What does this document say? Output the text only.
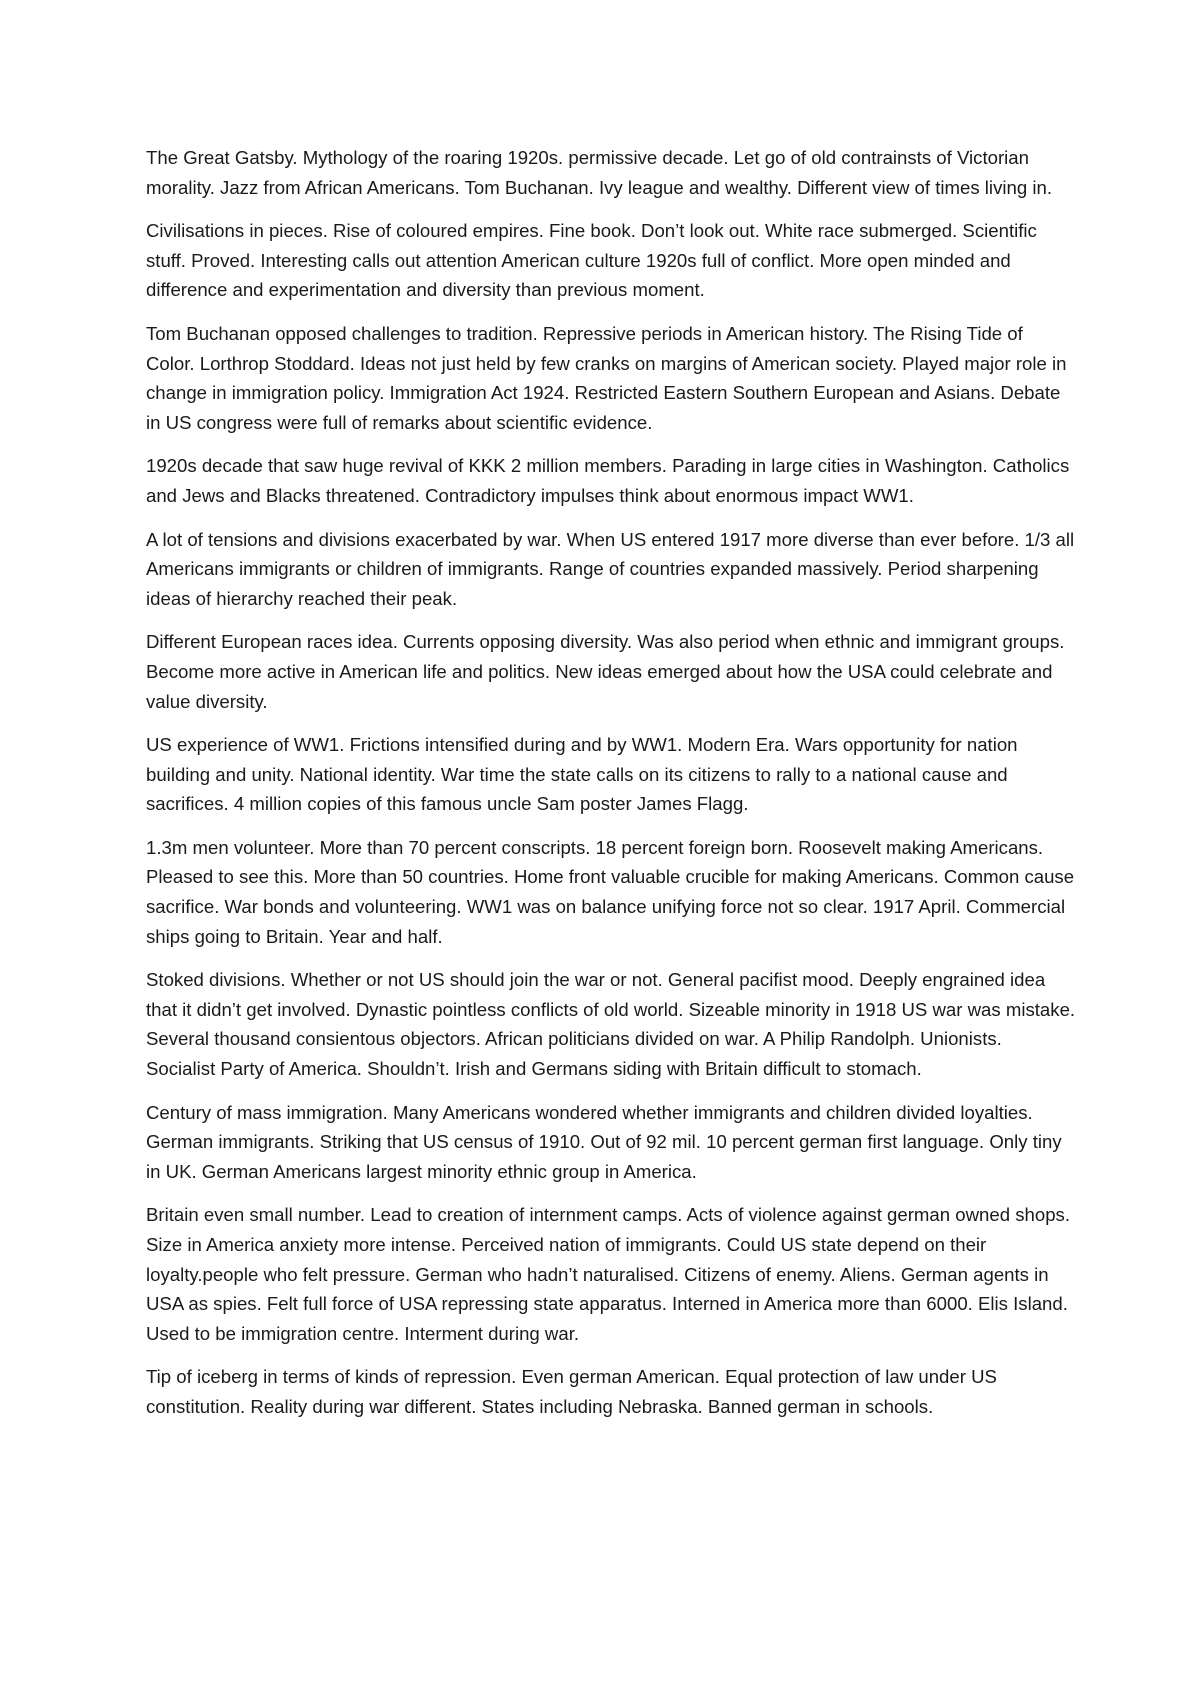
The Great Gatsby. Mythology of the roaring 1920s. permissive decade. Let go of old contrainsts of Victorian morality. Jazz from African Americans. Tom Buchanan. Ivy league and wealthy. Different view of times living in.

Civilisations in pieces. Rise of coloured empires. Fine book. Don’t look out. White race submerged. Scientific stuff. Proved. Interesting calls out attention American culture 1920s full of conflict. More open minded and difference and experimentation and diversity than previous moment.

Tom Buchanan opposed challenges to tradition. Repressive periods in American history. The Rising Tide of Color. Lorthrop Stoddard. Ideas not just held by few cranks on margins of American society. Played major role in change in immigration policy. Immigration Act 1924. Restricted Eastern Southern European and Asians. Debate in US congress were full of remarks about scientific evidence.

1920s decade that saw huge revival of KKK 2 million members. Parading in large cities in Washington. Catholics and Jews and Blacks threatened. Contradictory impulses think about enormous impact WW1.

A lot of tensions and divisions exacerbated by war. When US entered 1917 more diverse than ever before. 1/3 all Americans immigrants or children of immigrants. Range of countries expanded massively. Period sharpening ideas of hierarchy reached their peak.

Different European races idea. Currents opposing diversity. Was also period when ethnic and immigrant groups. Become more active in American life and politics. New ideas emerged about how the USA could celebrate and value diversity.

US experience of WW1. Frictions intensified during and by WW1. Modern Era. Wars opportunity for nation building and unity. National identity. War time the state calls on its citizens to rally to a national cause and sacrifices. 4 million copies of this famous uncle Sam poster James Flagg.

1.3m men volunteer. More than 70 percent conscripts. 18 percent foreign born. Roosevelt making Americans. Pleased to see this. More than 50 countries. Home front valuable crucible for making Americans. Common cause sacrifice. War bonds and volunteering. WW1 was on balance unifying force not so clear. 1917 April. Commercial ships going to Britain. Year and half.

Stoked divisions. Whether or not US should join the war or not. General pacifist mood. Deeply engrained idea that it didn’t get involved. Dynastic pointless conflicts of old world. Sizeable minority in 1918 US war was mistake. Several thousand consientous objectors. African politicians divided on war. A Philip Randolph. Unionists. Socialist Party of America. Shouldn’t. Irish and Germans siding with Britain difficult to stomach.

Century of mass immigration. Many Americans wondered whether immigrants and children divided loyalties. German immigrants. Striking that US census of 1910. Out of 92 mil. 10 percent german first language. Only tiny in UK. German Americans largest minority ethnic group in America.

Britain even small number. Lead to creation of internment camps. Acts of violence against german owned shops. Size in America anxiety more intense. Perceived nation of immigrants. Could US state depend on their loyalty.people who felt pressure. German who hadn’t naturalised. Citizens of enemy. Aliens. German agents in USA as spies. Felt full force of USA repressing state apparatus. Interned in America more than 6000. Elis Island. Used to be immigration centre. Interment during war.

Tip of iceberg in terms of kinds of repression. Even german American. Equal protection of law under US constitution. Reality during war different. States including Nebraska. Banned german in schools.
